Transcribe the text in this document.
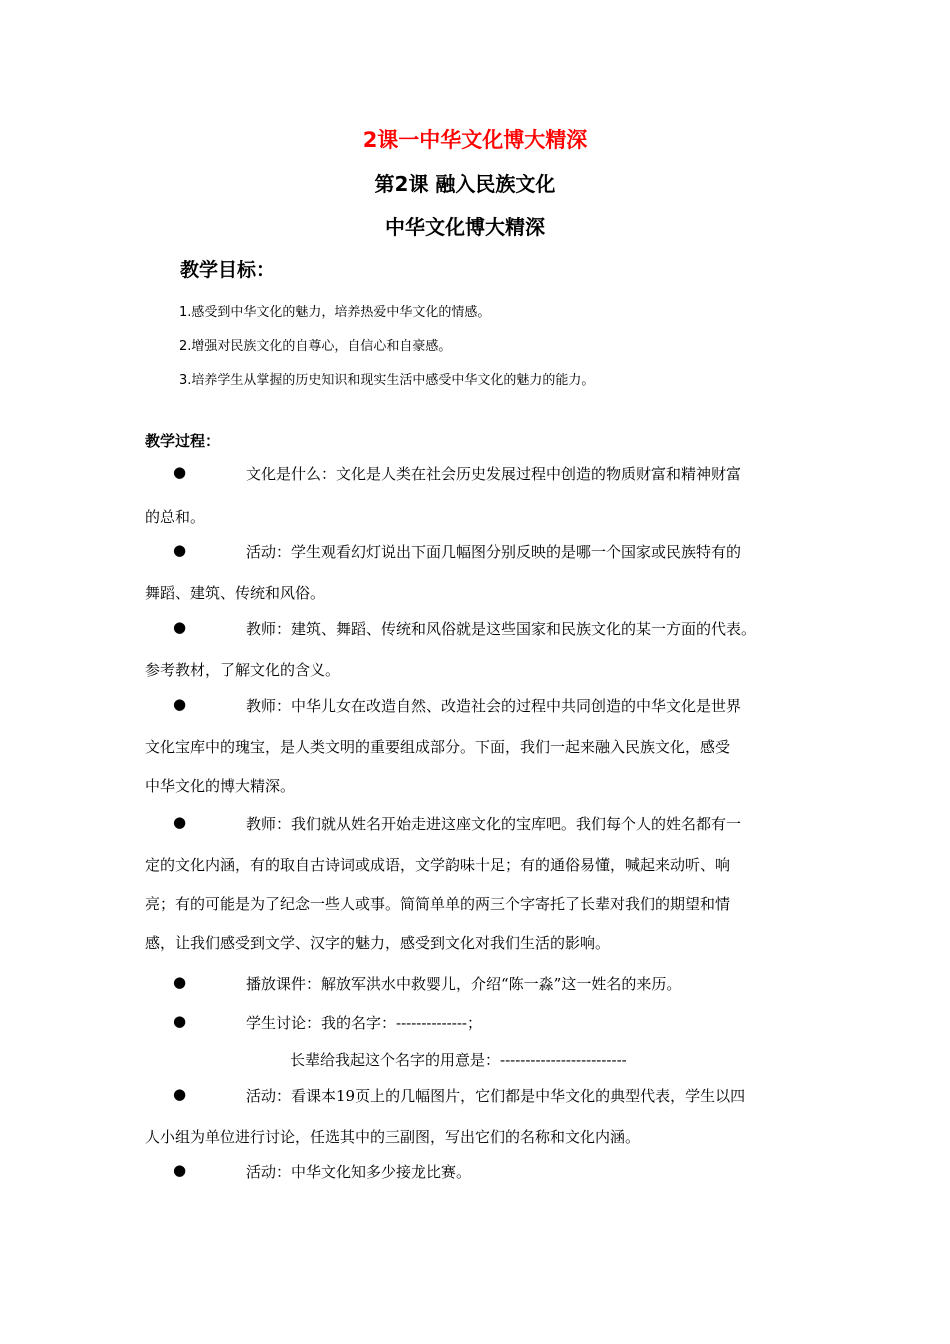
2课一中华文化博大精深
第2课 融入民族文化
中华文化博大精深
教学目标：
1.感受到中华文化的魅力，培养热爱中华文化的情感。
2.增强对民族文化的自尊心，自信心和自豪感。
3.培养学生从掌握的历史知识和现实生活中感受中华文化的魅力的能力。
教学过程：
●	文化是什么：文化是人类在社会历史发展过程中创造的物质财富和精神财富
的总和。
●	活动：学生观看幻灯说出下面几幅图分别反映的是哪一个国家或民族特有的
舞蹈、建筑、传统和风俗。
●	教师：建筑、舞蹈、传统和风俗就是这些国家和民族文化的某一方面的代表。
参考教材，了解文化的含义。
●	教师：中华儿女在改造自然、改造社会的过程中共同创造的中华文化是世界
文化宝库中的瑰宝，是人类文明的重要组成部分。下面，我们一起来融入民族文化，感受
中华文化的博大精深。
●	教师：我们就从姓名开始走进这座文化的宝库吧。我们每个人的姓名都有一
定的文化内涵，有的取自古诗词或成语，文学韵味十足；有的通俗易懂，喊起来动听、响
亮；有的可能是为了纪念一些人或事。简简单单的两三个字寄托了长辈对我们的期望和情
感，让我们感受到文学、汉字的魅力，感受到文化对我们生活的影响。
●	播放课件：解放军洪水中救婴儿，介绍“陈一淼”这一姓名的来历。
●	学生讨论：我的名字：--------------；
长辈给我起这个名字的用意是：-------------------------
●	活动：看课本19页上的几幅图片，它们都是中华文化的典型代表，学生以四
人小组为单位进行讨论，任选其中的三副图，写出它们的名称和文化内涵。
●	活动：中华文化知多少接龙比赛。
